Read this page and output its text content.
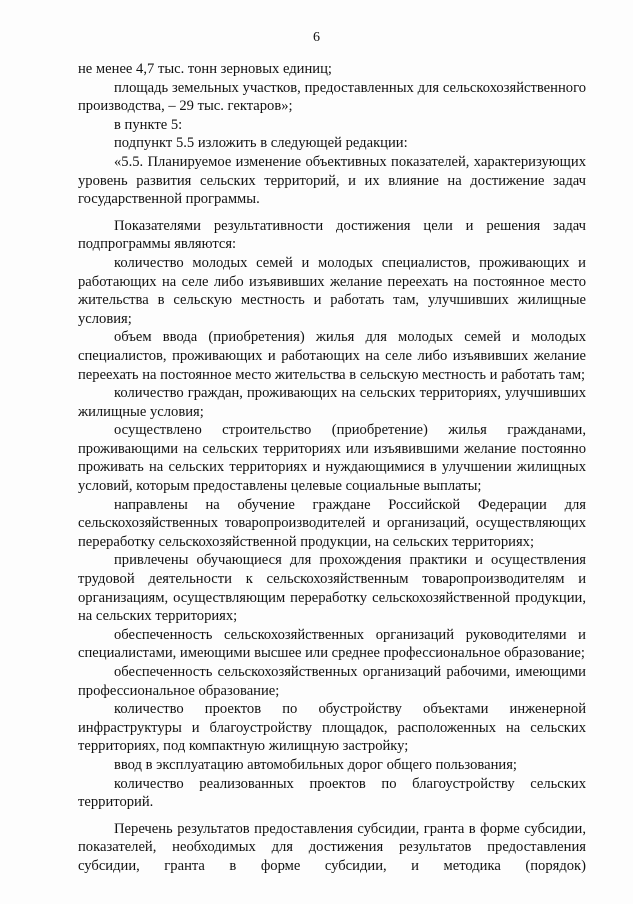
6

не менее 4,7 тыс. тонн зерновых единиц;

площадь земельных участков, предоставленных для сельскохозяйственного производства, – 29 тыс. гектаров»;

в пункте 5:

подпункт 5.5 изложить в следующей редакции:

«5.5. Планируемое изменение объективных показателей, характеризующих уровень развития сельских территорий, и их влияние на достижение задач государственной программы.

Показателями результативности достижения цели и решения задач подпрограммы являются:

количество молодых семей и молодых специалистов, проживающих и работающих на селе либо изъявивших желание переехать на постоянное место жительства в сельскую местность и работать там, улучшивших жилищные условия;

объем ввода (приобретения) жилья для молодых семей и молодых специалистов, проживающих и работающих на селе либо изъявивших желание переехать на постоянное место жительства в сельскую местность и работать там;

количество граждан, проживающих на сельских территориях, улучшивших жилищные условия;

осуществлено строительство (приобретение) жилья гражданами, проживающими на сельских территориях или изъявившими желание постоянно проживать на сельских территориях и нуждающимися в улучшении жилищных условий, которым предоставлены целевые социальные выплаты;

направлены на обучение граждане Российской Федерации для сельскохозяйственных товаропроизводителей и организаций, осуществляющих переработку сельскохозяйственной продукции, на сельских территориях;

привлечены обучающиеся для прохождения практики и осуществления трудовой деятельности к сельскохозяйственным товаропроизводителям и организациям, осуществляющим переработку сельскохозяйственной продукции, на сельских территориях;

обеспеченность сельскохозяйственных организаций руководителями и специалистами, имеющими высшее или среднее профессиональное образование;

обеспеченность сельскохозяйственных организаций рабочими, имеющими профессиональное образование;

количество проектов по обустройству объектами инженерной инфраструктуры и благоустройству площадок, расположенных на сельских территориях, под компактную жилищную застройку;

ввод в эксплуатацию автомобильных дорог общего пользования;

количество реализованных проектов по благоустройству сельских территорий.

Перечень результатов предоставления субсидии, гранта в форме субсидии, показателей, необходимых для достижения результатов предоставления субсидии, гранта в форме субсидии, и методика (порядок)
